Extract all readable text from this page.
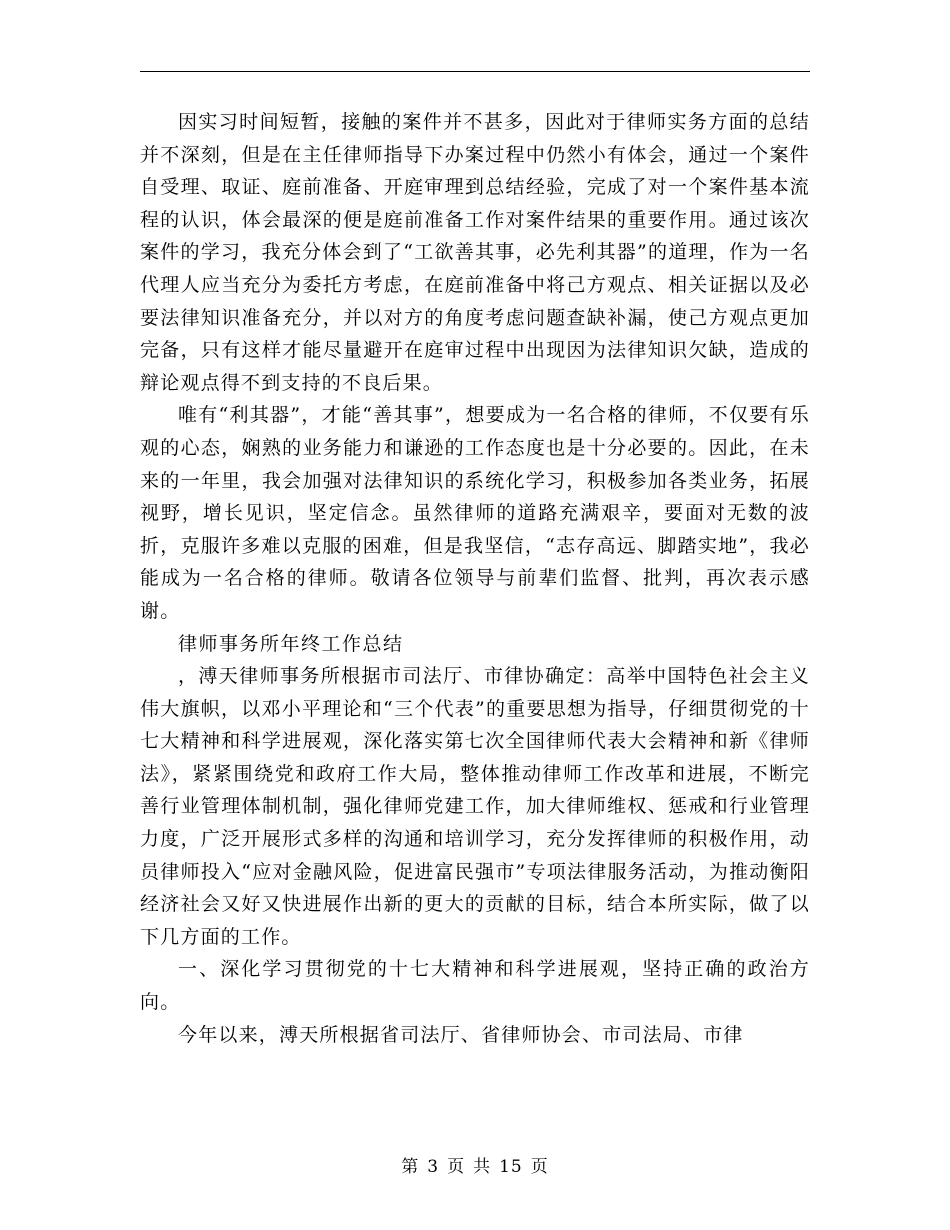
因实习时间短暂，接触的案件并不甚多，因此对于律师实务方面的总结并不深刻，但是在主任律师指导下办案过程中仍然小有体会，通过一个案件自受理、取证、庭前准备、开庭审理到总结经验，完成了对一个案件基本流程的认识，体会最深的便是庭前准备工作对案件结果的重要作用。通过该次案件的学习，我充分体会到了“工欲善其事，必先利其器”的道理，作为一名代理人应当充分为委托方考虑，在庭前准备中将己方观点、相关证据以及必要法律知识准备充分，并以对方的角度考虑问题查缺补漏，使己方观点更加完备，只有这样才能尽量避开在庭审过程中出现因为法律知识欠缺，造成的辩论观点得不到支持的不良后果。

唯有“利其器”，才能“善其事”，想要成为一名合格的律师，不仅要有乐观的心态，娴熟的业务能力和谦逊的工作态度也是十分必要的。因此，在未来的一年里，我会加强对法律知识的系统化学习，积极参加各类业务，拓展视野，增长见识，坚定信念。虽然律师的道路充满艰辛，要面对无数的波折，克服许多难以克服的困难，但是我坚信，“志存高远、脚踏实地”，我必能成为一名合格的律师。敬请各位领导与前辈们监督、批判，再次表示感谢。

律师事务所年终工作总结

，溥天律师事务所根据市司法厅、市律协确定：高举中国特色社会主义伟大旗帜，以邓小平理论和“三个代表”的重要思想为指导，仔细贯彻党的十七大精神和科学进展观，深化落实第七次全国律师代表大会精神和新《律师法》，紧紧围绕党和政府工作大局，整体推动律师工作改革和进展，不断完善行业管理体制机制，强化律师党建工作，加大律师维权、惩戒和行业管理力度，广泛开展形式多样的沟通和培训学习，充分发挥律师的积极作用，动员律师投入“应对金融风险，促进富民强市”专项法律服务活动，为推动衡阳经济社会又好又快进展作出新的更大的贡献的目标，结合本所实际，做了以下几方面的工作。

一、深化学习贯彻党的十七大精神和科学进展观，坚持正确的政治方向。

今年以来，溥天所根据省司法厅、省律师协会、市司法局、市律

第 3 页 共 15 页
